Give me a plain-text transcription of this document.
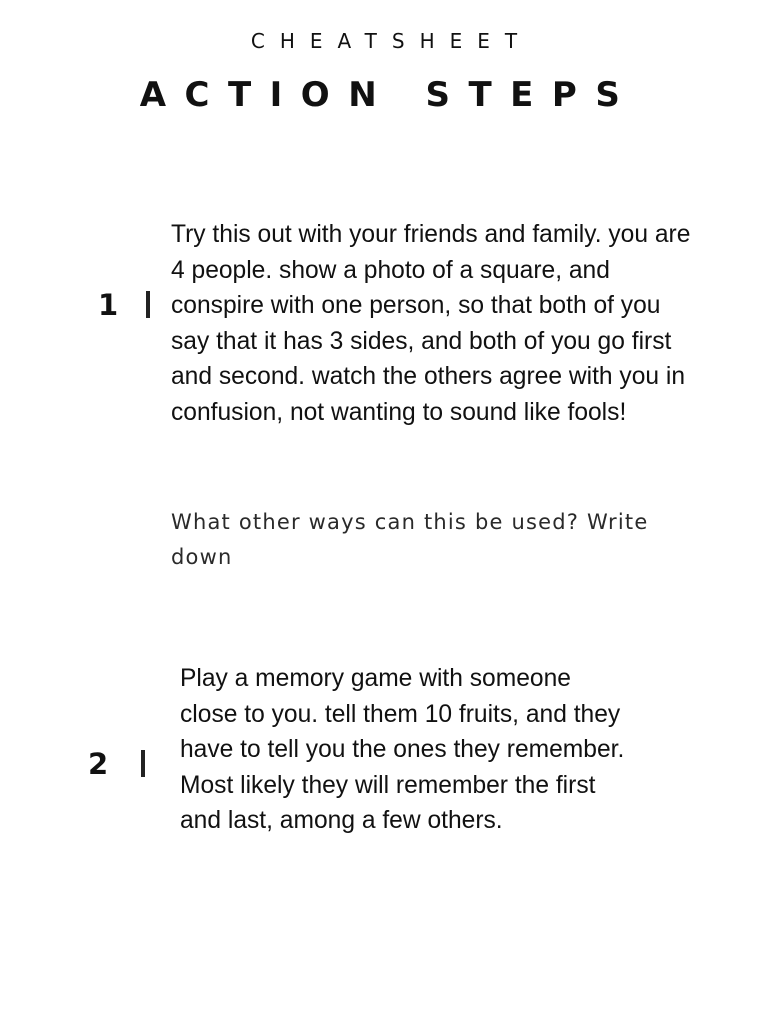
CHEATSHEET
ACTION STEPS
1
Try this out with your friends and family. you are 4 people. show a photo of a square, and conspire with one person, so that both of you say that it has 3 sides, and both of you go first and second. watch the others agree with you in confusion, not wanting to sound like fools!
What other ways can this be used? Write down
2
Play a memory game with someone close to you. tell them 10 fruits, and they have to tell you the ones they remember. Most likely they will remember the first and last, among a few others.
